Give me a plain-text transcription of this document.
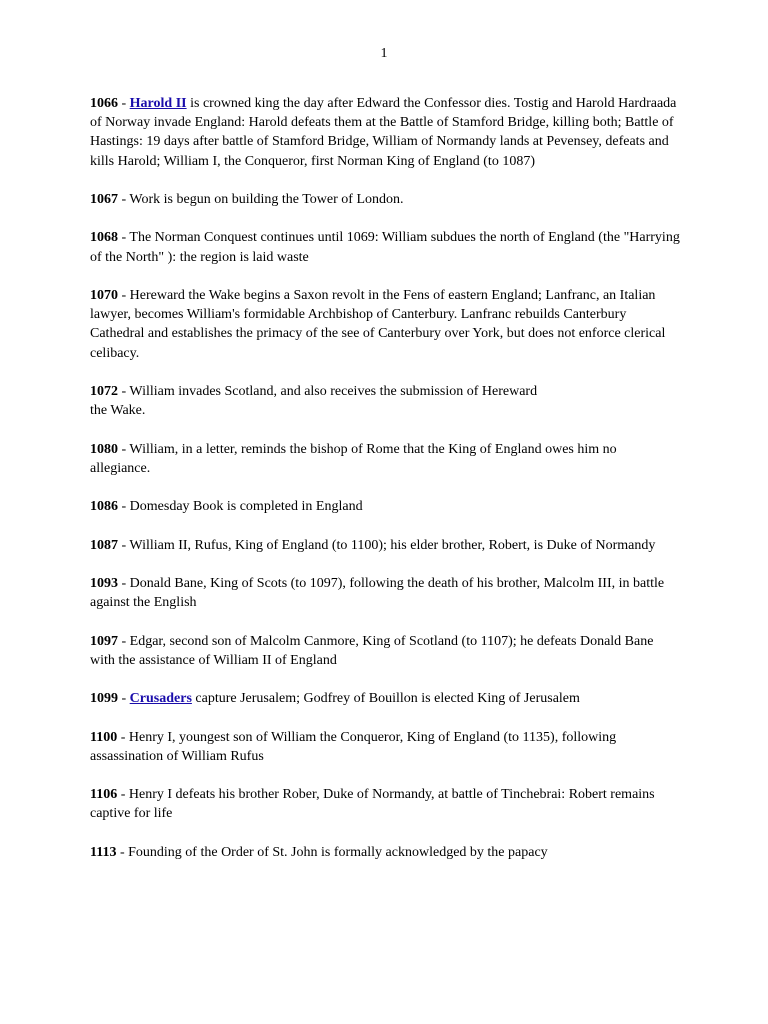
1

1066 - Harold II is crowned king the day after Edward the Confessor dies. Tostig and Harold Hardraada of Norway invade England: Harold defeats them at the Battle of Stamford Bridge, killing both; Battle of Hastings: 19 days after battle of Stamford Bridge, William of Normandy lands at Pevensey, defeats and kills Harold; William I, the Conqueror, first Norman King of England (to 1087)

1067 - Work is begun on building the Tower of London.

1068 - The Norman Conquest continues until 1069: William subdues the north of England (the "Harrying of the North" ): the region is laid waste

1070 - Hereward the Wake begins a Saxon revolt in the Fens of eastern England; Lanfranc, an Italian lawyer, becomes William's formidable Archbishop of Canterbury. Lanfranc rebuilds Canterbury Cathedral and establishes the primacy of the see of Canterbury over York, but does not enforce clerical celibacy.

1072 - William invades Scotland, and also receives the submission of Hereward
the Wake.

1080 - William, in a letter, reminds the bishop of Rome that the King of England owes him no allegiance.

1086 - Domesday Book is completed in England

1087 - William II, Rufus, King of England (to 1100); his elder brother, Robert, is Duke of Normandy

1093 - Donald Bane, King of Scots (to 1097), following the death of his brother, Malcolm III, in battle against the English

1097 - Edgar, second son of Malcolm Canmore, King of Scotland (to 1107); he defeats Donald Bane with the assistance of William II of England

1099 - Crusaders capture Jerusalem; Godfrey of Bouillon is elected King of Jerusalem

1100 - Henry I, youngest son of William the Conqueror, King of England (to 1135), following assassination of William Rufus

1106 - Henry I defeats his brother Rober, Duke of Normandy, at battle of Tinchebrai: Robert remains captive for life

1113 - Founding of the Order of St. John is formally acknowledged by the papacy
